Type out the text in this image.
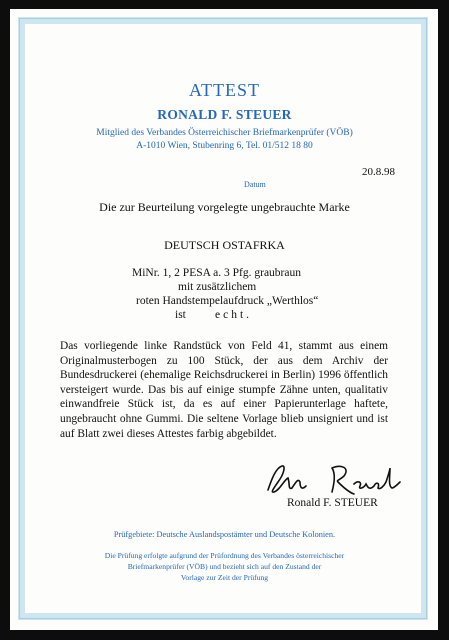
ATTEST
RONALD F. STEUER
Mitglied des Verbandes Österreichischer Briefmarkenprüfer (VÖB)
A-1010 Wien, Stubenring 6, Tel. 01/512 18 80
20.8.98
Datum
Die zur Beurteilung vorgelegte ungebrauchte Marke
DEUTSCH OSTAFRKA
MiNr. 1, 2 PESA a. 3 Pfg. graubraun
mit zusätzlichem
roten Handstempelaufdruck „Werthlos“
ist	echt.
Das vorliegende linke Randstück von Feld 41, stammt aus einem Originalmusterbogen zu 100 Stück, der aus dem Archiv der Bundesdruckerei (ehemalige Reichsdruckerei in Berlin) 1996 öffentlich versteigert wurde. Das bis auf einige stumpfe Zähne unten, qualitativ einwandfreie Stück ist, da es auf einer Papierunterlage haftete, ungebraucht ohne Gummi. Die seltene Vorlage blieb unsigniert und ist auf Blatt zwei dieses Attestes farbig abgebildet.
Ronald F. STEUER
Prüfgebiete: Deutsche Auslandspostämter und Deutsche Kolonien.
Die Prüfung erfolgte aufgrund der Prüfordnung des Verbandes österreichischer
Briefmarkenprüfer (VÖB) und bezieht sich auf den Zustand der
Vorlage zur Zeit der Prüfung
